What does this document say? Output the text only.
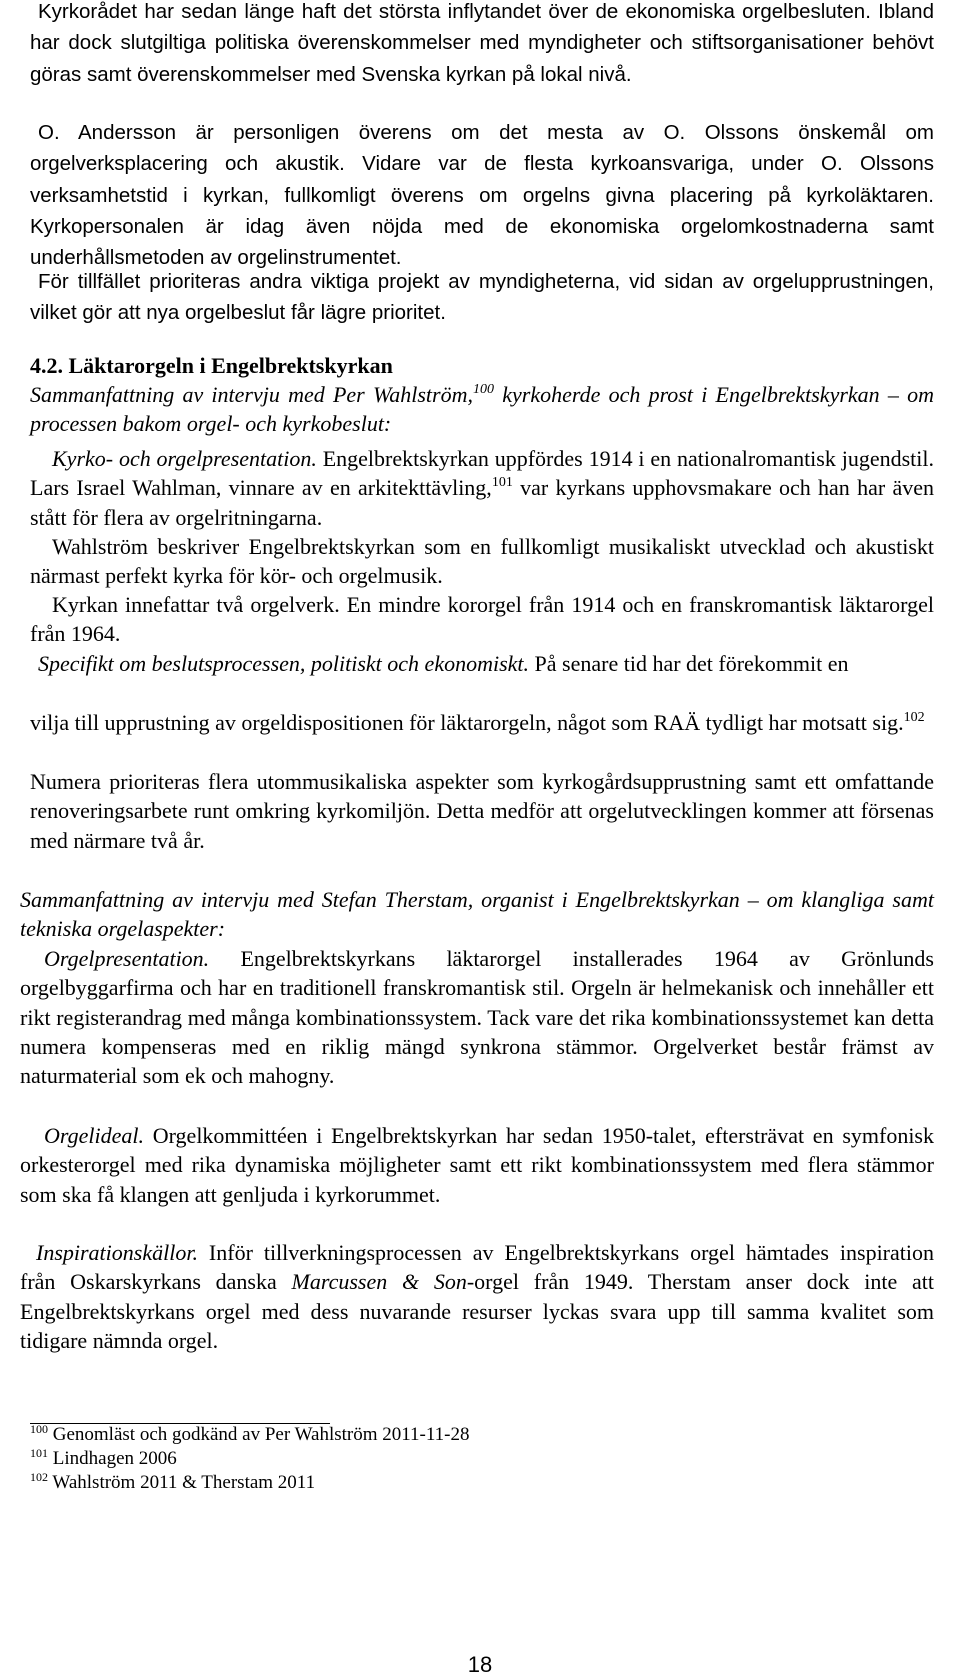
Kyrkorådet har sedan länge haft det största inflytandet över de ekonomiska orgelbesluten. Ibland har dock slutgiltiga politiska överenskommelser med myndigheter och stiftsorganisationer behövt göras samt överenskommelser med Svenska kyrkan på lokal nivå.

O. Andersson är personligen överens om det mesta av O. Olssons önskemål om orgelverksplacering och akustik. Vidare var de flesta kyrkoansvariga, under O. Olssons verksamhetstid i kyrkan, fullkomligt överens om orgelns givna placering på kyrkoläktaren. Kyrkopersonalen är idag även nöjda med de ekonomiska orgelomkostnaderna samt underhållsmetoden av orgelinstrumentet.

För tillfället prioriteras andra viktiga projekt av myndigheterna, vid sidan av orgelupprustningen, vilket gör att nya orgelbeslut får lägre prioritet.

4.2. Läktarorgeln i Engelbrektskyrkan

Sammanfattning av intervju med Per Wahlström,$^{100}$ kyrkoherde och prost i Engelbrektskyrkan – om processen bakom orgel- och kyrkobeslut:

Kyrko- och orgelpresentation. Engelbrektskyrkan uppfördes 1914 i en nationalromantisk jugendstil. Lars Israel Wahlman, vinnare av en arkitekttävling,$^{101}$ var kyrkans upphovsmakare och han har även stått för flera av orgelritningarna.

Wahlström beskriver Engelbrektskyrkan som en fullkomligt musikaliskt utvecklad och akustiskt närmast perfekt kyrka för kör- och orgelmusik.

Kyrkan innefattar två orgelverk. En mindre kororgel från 1914 och en franskromantisk läktarorgel från 1964.

Specifikt om beslutsprocessen, politiskt och ekonomiskt. På senare tid har det förekommit en

vilja till upprustning av orgeldispositionen för läktarorgeln, något som RAÄ tydligt har motsatt sig.$^{102}$

Numera prioriteras flera utommusikaliska aspekter som kyrkogårdsupprustning samt ett omfattande renoveringsarbete runt omkring kyrkomiljön. Detta medför att orgelutvecklingen kommer att försenas med närmare två år.

Sammanfattning av intervju med Stefan Therstam, organist i Engelbrektskyrkan – om klangliga samt tekniska orgelaspekter:

Orgelpresentation. Engelbrektskyrkans läktarorgel installerades 1964 av Grönlunds orgelbyggarfirma och har en traditionell franskromantisk stil. Orgeln är helmekanisk och innehåller ett rikt registerandrag med många kombinationssystem. Tack vare det rika kombinationssystemet kan detta numera kompenseras med en riklig mängd synkrona stämmor. Orgelverket består främst av naturmaterial som ek och mahogny.

Orgelideal. Orgelkommittéen i Engelbrektskyrkan har sedan 1950-talet, eftersträvat en symfonisk orkesterorgel med rika dynamiska möjligheter samt ett rikt kombinationssystem med flera stämmor som ska få klangen att genljuda i kyrkorummet.

Inspirationskällor. Inför tillverkningsprocessen av Engelbrektskyrkans orgel hämtades inspiration från Oskarskyrkans danska Marcussen & Son-orgel från 1949. Therstam anser dock inte att Engelbrektskyrkans orgel med dess nuvarande resurser lyckas svara upp till samma kvalitet som tidigare nämnda orgel.

$^{100}$ Genomläst och godkänd av Per Wahlström 2011-11-28
$^{101}$ Lindhagen 2006
$^{102}$ Wahlström 2011 & Therstam 2011
18
